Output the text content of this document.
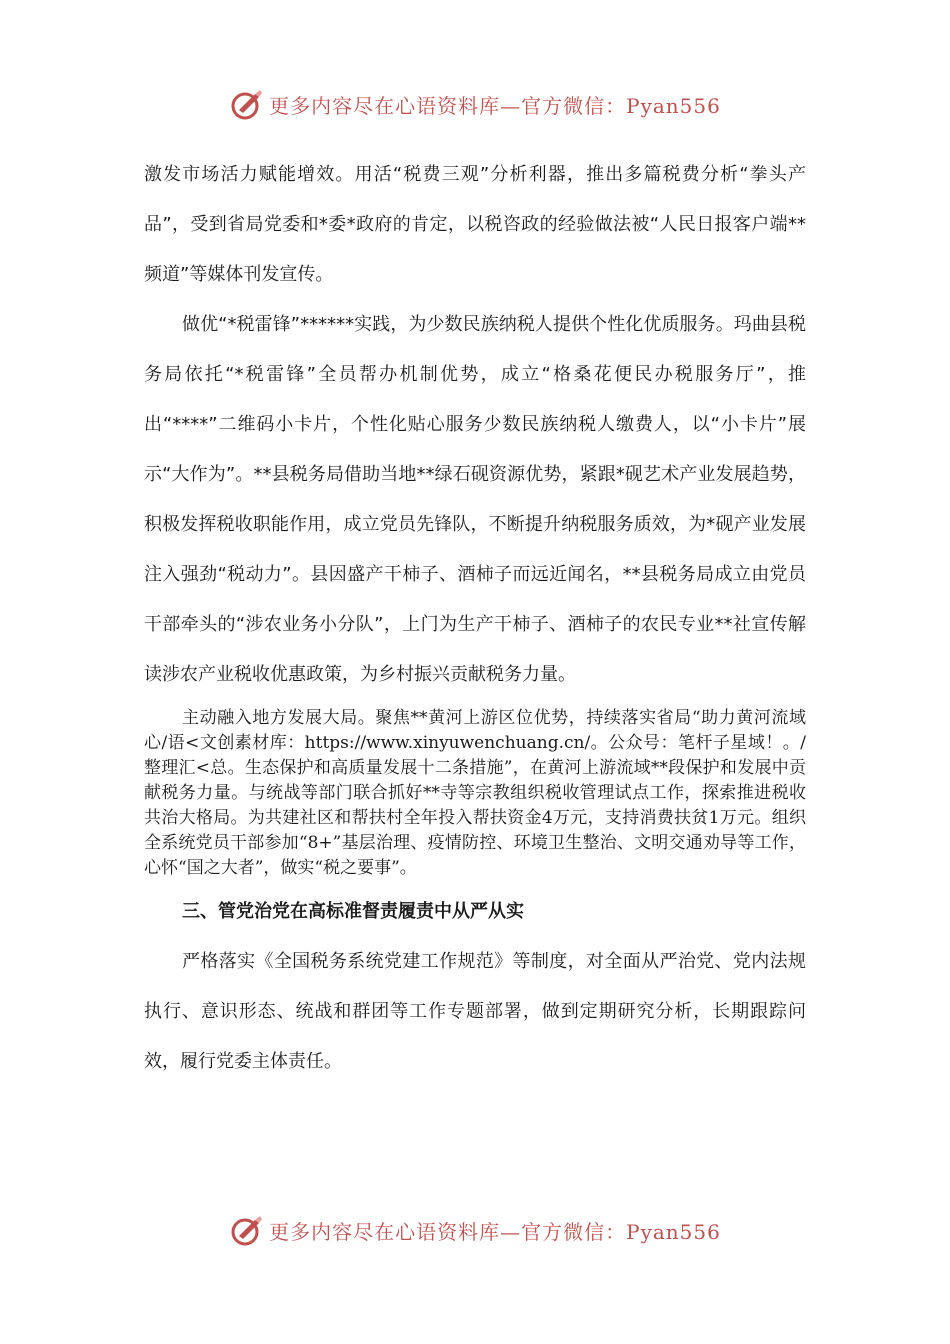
更多内容尽在心语资料库—官方微信：Pyan556

激发市场活力赋能增效。用活“税费三观”分析利器，推出多篇税费分析“拳头产品”，受到省局党委和*委*政府的肯定，以税咨政的经验做法被“人民日报客户端**频道”等媒体刊发宣传。

做优“*税雷锋”******实践，为少数民族纳税人提供个性化优质服务。玛曲县税务局依托“*税雷锋”全员帮办机制优势，成立“格桑花便民办税服务厅”，推出“****”二维码小卡片，个性化贴心服务少数民族纳税人缴费人，以“小卡片”展示“大作为”。**县税务局借助当地**绿石砚资源优势，紧跟*砚艺术产业发展趋势，积极发挥税收职能作用，成立党员先锋队，不断提升纳税服务质效，为*砚产业发展注入强劲“税动力”。县因盛产干柿子、酒柿子而远近闻名，**县税务局成立由党员干部牵头的“涉农业务小分队”，上门为生产干柿子、酒柿子的农民专业**社宣传解读涉农产业税收优惠政策，为乡村振兴贡献税务力量。

主动融入地方发展大局。聚焦**黄河上游区位优势，持续落实省局“助力黄河流域心/语<文创素材库：https://www.xinyuwenchuang.cn/。公众号：笔杆子星域！。/整理汇<总。生态保护和高质量发展十二条措施”，在黄河上游流域**段保护和发展中贡献税务力量。与统战等部门联合抓好**寺等宗教组织税收管理试点工作，探索推进税收共治大格局。为共建社区和帮扶村全年投入帮扶资金4万元，支持消费扶贫1万元。组织全系统党员干部参加“8+”基层治理、疫情防控、环境卫生整治、文明交通劝导等工作，心怀“国之大者”，做实“税之要事”。

三、管党治党在高标准督责履责中从严从实

严格落实《全国税务系统党建工作规范》等制度，对全面从严治党、党内法规执行、意识形态、统战和群团等工作专题部署，做到定期研究分析，长期跟踪问效，履行党委主体责任。

更多内容尽在心语资料库—官方微信：Pyan556
